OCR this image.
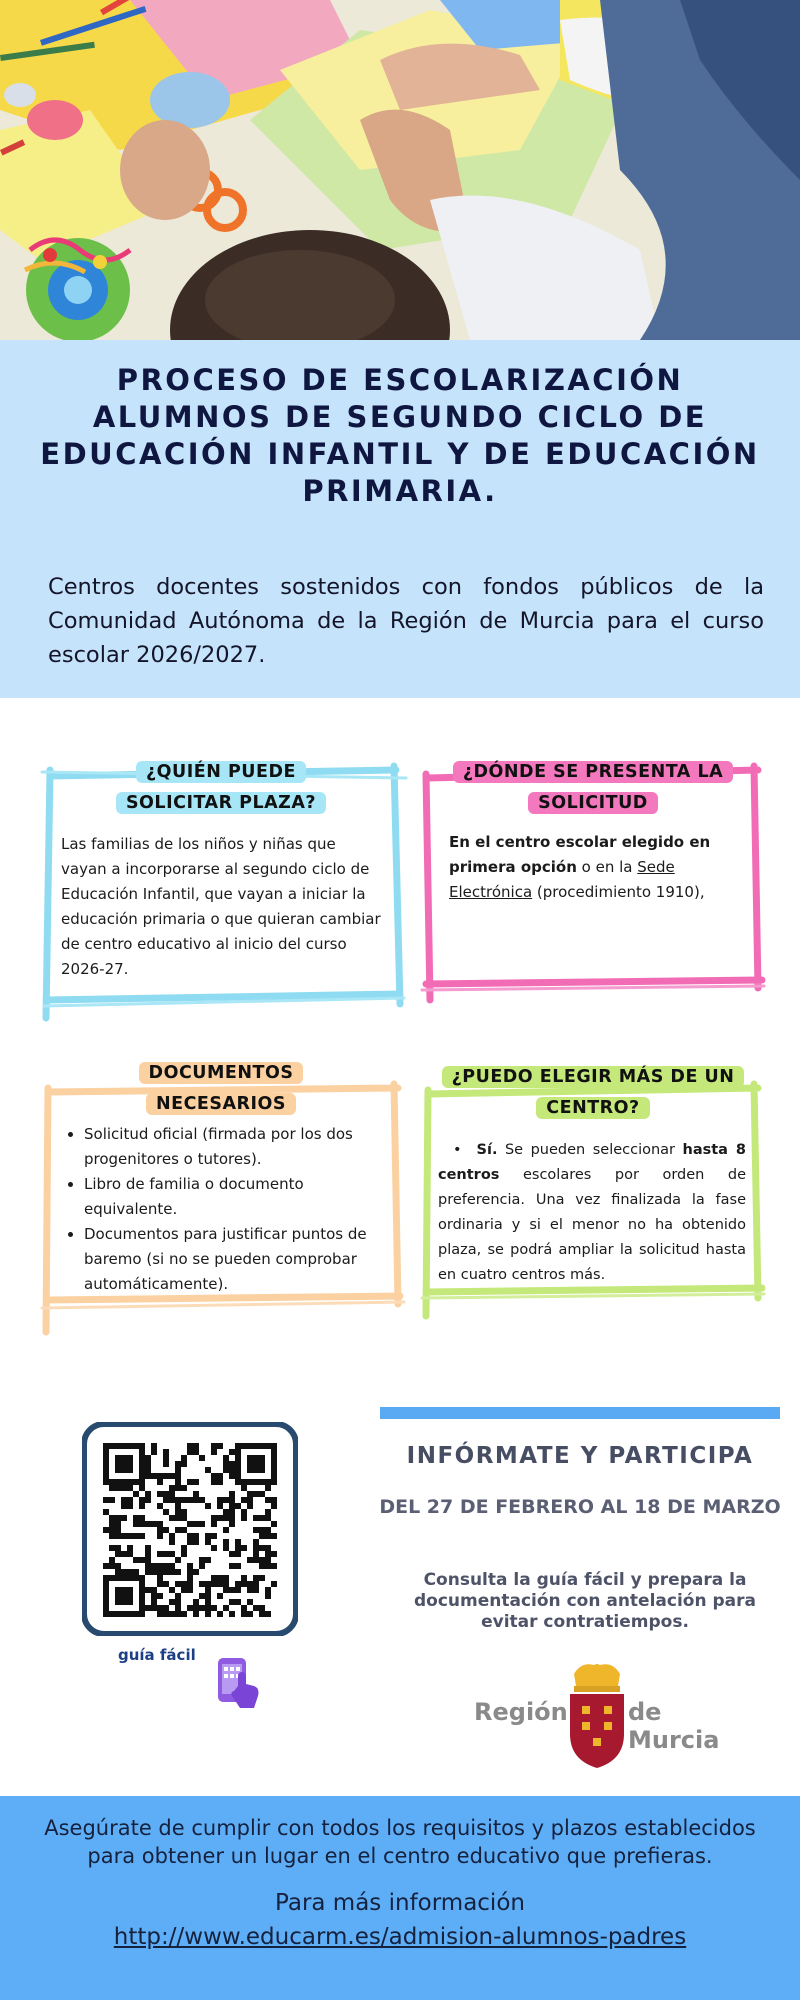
PROCESO DE ESCOLARIZACIÓN ALUMNOS DE SEGUNDO CICLO DE EDUCACIÓN INFANTIL Y DE EDUCACIÓN PRIMARIA.

Centros docentes sostenidos con fondos públicos de la Comunidad Autónoma de la Región de Murcia para el curso escolar 2026/2027.

¿QUIÉN PUEDE SOLICITAR PLAZA?
Las familias de los niños y niñas que vayan a incorporarse al segundo ciclo de Educación Infantil, que vayan a iniciar la educación primaria o que quieran cambiar de centro educativo al inicio del curso 2026-27.
¿DÓNDE SE PRESENTA LA SOLICITUD

En el centro escolar elegido en primera opción o en la Sede Electrónica (procedimiento 1910),

DOCUMENTOS NECESARIOS
• Solicitud oficial (firmada por los dos progenitores o tutores).
• Libro de familia o documento equivalente.
• Documentos para justificar puntos de baremo (si no se pueden comprobar automáticamente).
¿PUEDO ELEGIR MÁS DE UN CENTRO?

•  Sí. Se pueden seleccionar hasta 8 centros escolares por orden de preferencia. Una vez finalizada la fase ordinaria y si el menor no ha obtenido plaza, se podrá ampliar la solicitud hasta en cuatro centros más.

guía fácil
INFÓRMATE Y PARTICIPA
DEL 27 DE FEBRERO AL 18 DE MARZO
Consulta la guía fácil y prepara la documentación con antelación para evitar contratiempos.
Región	de Murcia

Asegúrate de cumplir con todos los requisitos y plazos establecidos para obtener un lugar en el centro educativo que prefieras.

Para más información
http://www.educarm.es/admision-alumnos-padres
